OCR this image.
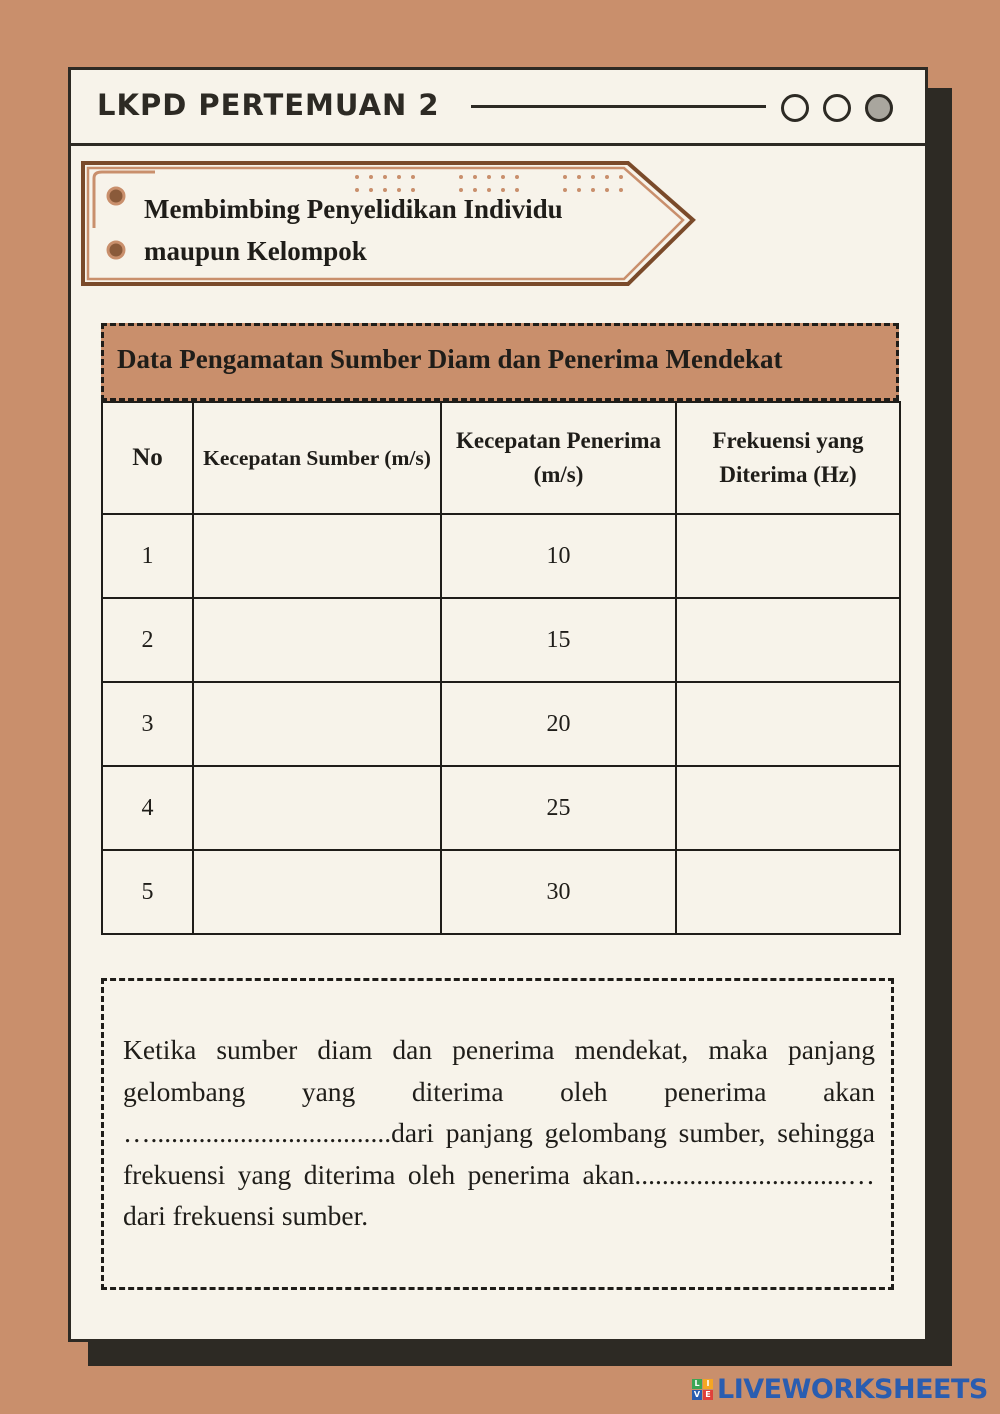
LKPD PERTEMUAN 2
Membimbing Penyelidikan Individu
maupun Kelompok
Data Pengamatan Sumber Diam dan Penerima Mendekat
No	Kecepatan Sumber (m/s)	Kecepatan Penerima (m/s)	Frekuensi yang Diterima (Hz)
1		10	
2		15	
3		20	
4		25	
5		30	

Ketika sumber diam dan penerima mendekat, maka panjang gelombang yang diterima oleh penerima akan …...................................dari panjang gelombang sumber, sehingga frekuensi yang diterima oleh penerima akan...............................…dari frekuensi sumber.

L I
V E LIVEWORKSHEETS
